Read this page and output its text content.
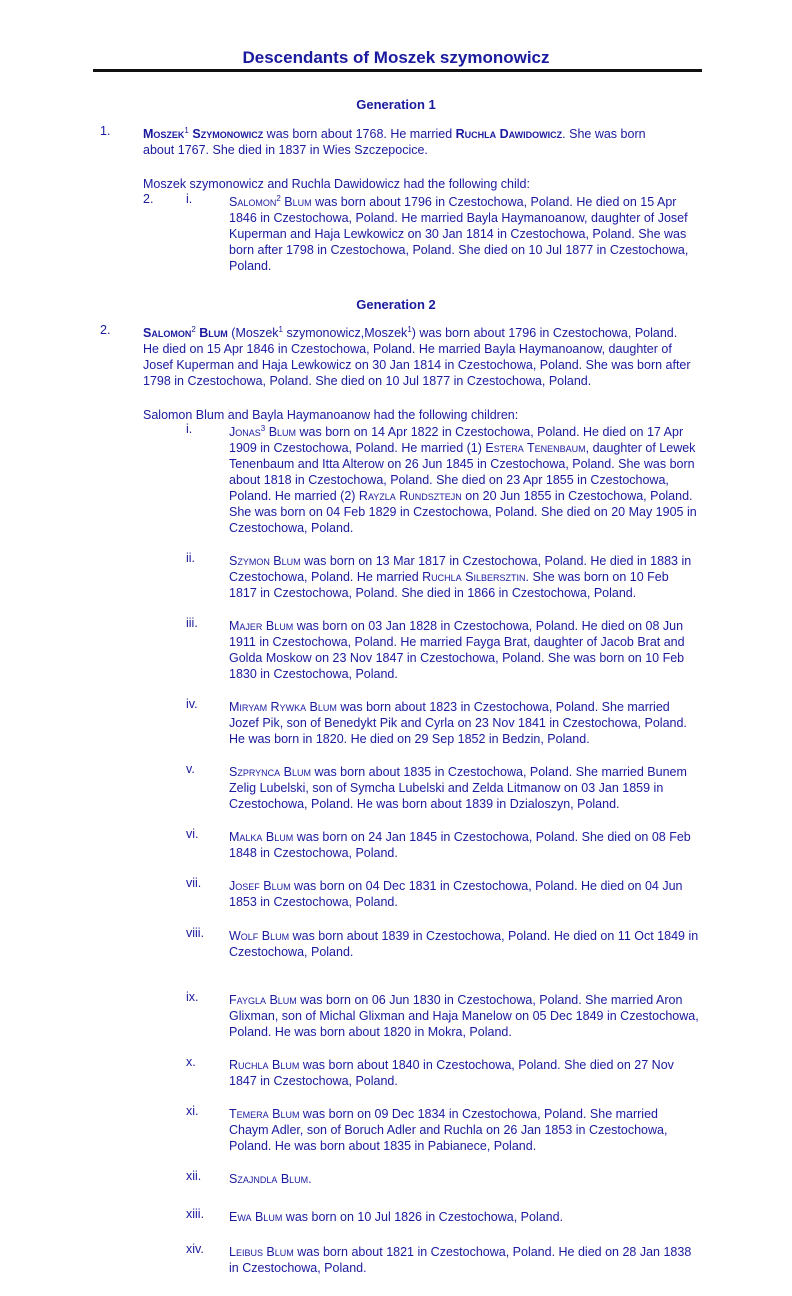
Descendants of Moszek szymonowicz
Generation 1
1.	Moszek$^1$ Szymonowicz was born about 1768. He married Ruchla Dawidowicz. She was born about 1767. She died in 1837 in Wies Szczepocice.
Moszek szymonowicz and Ruchla Dawidowicz had the following child:
2.	i.	Salomon$^2$ Blum was born about 1796 in Czestochowa, Poland. He died on 15 Apr 1846 in Czestochowa, Poland. He married Bayla Haymanoanow, daughter of Josef Kuperman and Haja Lewkowicz on 30 Jan 1814 in Czestochowa, Poland. She was born after 1798 in Czestochowa, Poland. She died on 10 Jul 1877 in Czestochowa, Poland.
Generation 2
2.	Salomon$^2$ Blum (Moszek$^1$ szymonowicz,Moszek$^1$) was born about 1796 in Czestochowa, Poland. He died on 15 Apr 1846 in Czestochowa, Poland. He married Bayla Haymanoanow, daughter of Josef Kuperman and Haja Lewkowicz on 30 Jan 1814 in Czestochowa, Poland. She was born after 1798 in Czestochowa, Poland. She died on 10 Jul 1877 in Czestochowa, Poland.
Salomon Blum and Bayla Haymanoanow had the following children:
i.	Jonas$^3$ Blum was born on 14 Apr 1822 in Czestochowa, Poland. He died on 17 Apr 1909 in Czestochowa, Poland. He married (1) Estera Tenenbaum, daughter of Lewek Tenenbaum and Itta Alterow on 26 Jun 1845 in Czestochowa, Poland. She was born about 1818 in Czestochowa, Poland. She died on 23 Apr 1855 in Czestochowa, Poland. He married (2) Rayzla Rundsztejn on 20 Jun 1855 in Czestochowa, Poland. She was born on 04 Feb 1829 in Czestochowa, Poland. She died on 20 May 1905 in Czestochowa, Poland.
ii.	Szymon Blum was born on 13 Mar 1817 in Czestochowa, Poland. He died in 1883 in Czestochowa, Poland. He married Ruchla Silbersztin. She was born on 10 Feb 1817 in Czestochowa, Poland. She died in 1866 in Czestochowa, Poland.
iii. Majer Blum was born on 03 Jan 1828 in Czestochowa, Poland. He died on 08 Jun 1911 in Czestochowa, Poland. He married Fayga Brat, daughter of Jacob Brat and Golda Moskow on 23 Nov 1847 in Czestochowa, Poland. She was born on 10 Feb 1830 in Czestochowa, Poland.
iv.	Miryam Rywka Blum was born about 1823 in Czestochowa, Poland. She married Jozef Pik, son of Benedykt Pik and Cyrla on 23 Nov 1841 in Czestochowa, Poland. He was born in 1820. He died on 29 Sep 1852 in Bedzin, Poland.
v.	Szprynca Blum was born about 1835 in Czestochowa, Poland. She married Bunem Zelig Lubelski, son of Symcha Lubelski and Zelda Litmanow on 03 Jan 1859 in Czestochowa, Poland. He was born about 1839 in Dzialoszyn, Poland.
vi. Malka Blum was born on 24 Jan 1845 in Czestochowa, Poland. She died on 08 Feb 1848 in Czestochowa, Poland.
vii. Josef Blum was born on 04 Dec 1831 in Czestochowa, Poland. He died on 04 Jun 1853 in Czestochowa, Poland.
viii. Wolf Blum was born about 1839 in Czestochowa, Poland. He died on 11 Oct 1849 in Czestochowa, Poland.
ix. Faygla Blum was born on 06 Jun 1830 in Czestochowa, Poland. She married Aron Glixman, son of Michal Glixman and Haja Manelow on 05 Dec 1849 in Czestochowa, Poland. He was born about 1820 in Mokra, Poland.
x.	Ruchla Blum was born about 1840 in Czestochowa, Poland. She died on 27 Nov 1847 in Czestochowa, Poland.
xi. Temera Blum was born on 09 Dec 1834 in Czestochowa, Poland. She married Chaym Adler, son of Boruch Adler and Ruchla on 26 Jan 1853 in Czestochowa, Poland. He was born about 1835 in Pabianece, Poland.
xii. Szajndla Blum.
xiii. Ewa Blum was born on 10 Jul 1826 in Czestochowa, Poland.
xiv. Leibus Blum was born about 1821 in Czestochowa, Poland. He died on 28 Jan 1838 in Czestochowa, Poland.
